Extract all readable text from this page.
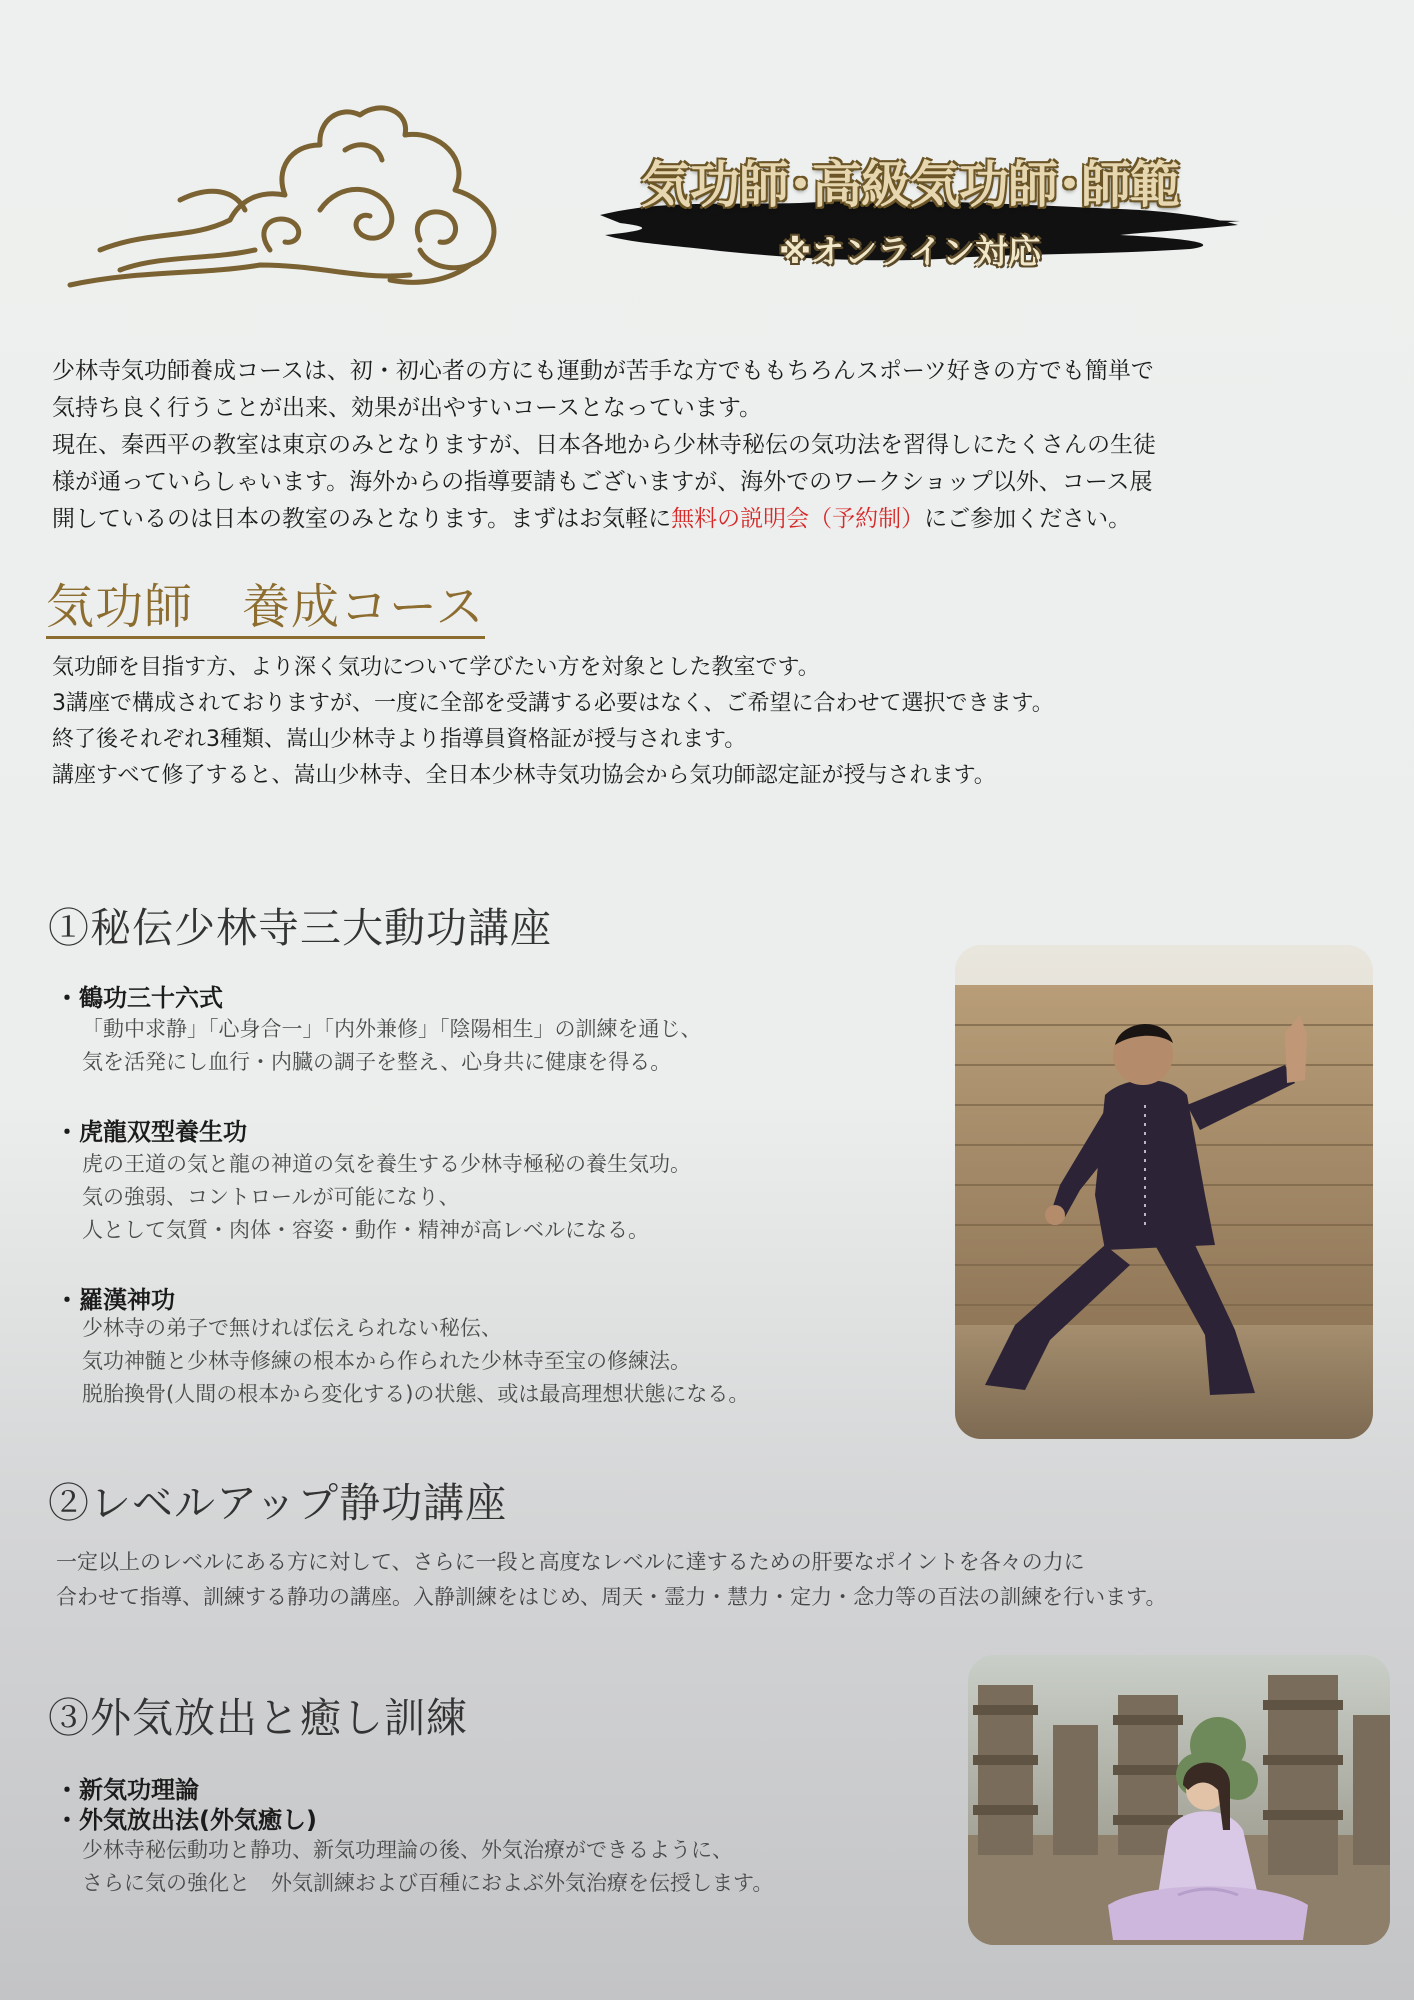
気功師･高級気功師･師範
※オンライン対応

少林寺気功師養成コースは、初・初心者の方にも運動が苦手な方でももちろんスポーツ好きの方でも簡単で

気持ち良く行うことが出来、効果が出やすいコースとなっています。

現在、秦西平の教室は東京のみとなりますが、日本各地から少林寺秘伝の気功法を習得しにたくさんの生徒

様が通っていらしゃいます。海外からの指導要請もございますが、海外でのワークショップ以外、コース展

開しているのは日本の教室のみとなります。まずはお気軽に無料の説明会（予約制）にご参加ください。

気功師　養成コース

気功師を目指す方、より深く気功について学びたい方を対象とした教室です。

3講座で構成されておりますが、一度に全部を受講する必要はなく、ご希望に合わせて選択できます。

終了後それぞれ3種類、嵩山少林寺より指導員資格証が授与されます。

講座すべて修了すると、嵩山少林寺、全日本少林寺気功協会から気功師認定証が授与されます。

①秘伝少林寺三大動功講座
・鶴功三十六式

「動中求静」「心身合一」「内外兼修」「陰陽相生」の訓練を通じ、

気を活発にし血行・内臓の調子を整え、心身共に健康を得る。

・虎龍双型養生功

虎の王道の気と龍の神道の気を養生する少林寺極秘の養生気功。

気の強弱、コントロールが可能になり、

人として気質・肉体・容姿・動作・精神が高レベルになる。

・羅漢神功

少林寺の弟子で無ければ伝えられない秘伝、

気功神髄と少林寺修練の根本から作られた少林寺至宝の修練法。

脱胎換骨(人間の根本から変化する)の状態、或は最高理想状態になる。

②レベルアップ静功講座

一定以上のレベルにある方に対して、さらに一段と高度なレベルに達するための肝要なポイントを各々の力に

合わせて指導、訓練する静功の講座。入静訓練をはじめ、周天・霊力・慧力・定力・念力等の百法の訓練を行います。

③外気放出と癒し訓練
・新気功理論
・外気放出法(外気癒し)

少林寺秘伝動功と静功、新気功理論の後、外気治療ができるように、

さらに気の強化と　外気訓練および百種におよぶ外気治療を伝授します。
